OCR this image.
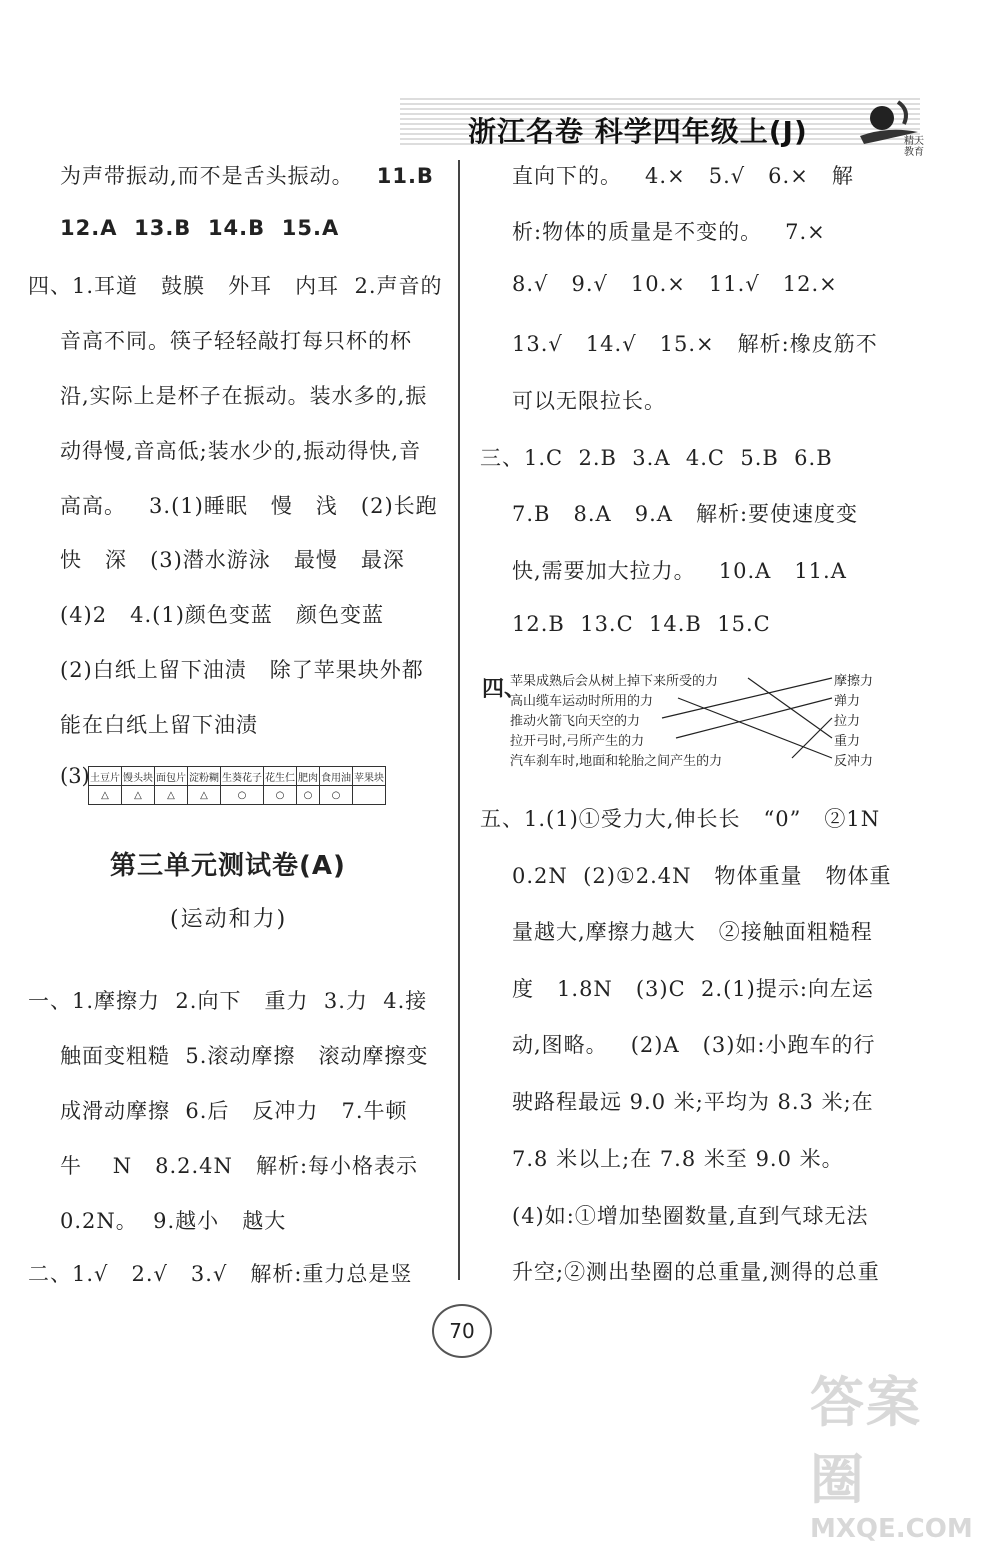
浙江名卷 科学四年级上(J)	精天
教育
为声带振动,而不是舌头振动。 11.B
12.A 13.B 14.B 15.A
四、1.耳道 鼓膜 外耳 内耳 2.声音的
音高不同。筷子轻轻敲打每只杯的杯
沿,实际上是杯子在振动。装水多的,振
动得慢,音高低;装水少的,振动得快,音
高高。 3.(1)睡眠 慢 浅 (2)长跑
快 深 (3)潜水游泳 最慢 最深
(4)2 4.(1)颜色变蓝 颜色变蓝
(2)白纸上留下油渍 除了苹果块外都
能在白纸上留下油渍
(3) 土豆片	馒头块	面包片	淀粉糊	生葵花子	花生仁	肥肉	食用油	苹果块
△	△	△	△	○	○	○	○	
第三单元测试卷(A)
(运动和力)
一、1.摩擦力 2.向下 重力 3.力 4.接
触面变粗糙 5.滚动摩擦 滚动摩擦变
成滑动摩擦 6.后 反冲力 7.牛顿
牛 N 8.2.4N 解析:每小格表示
0.2N。 9.越小 越大
二、1.√ 2.√ 3.√ 解析:重力总是竖
直向下的。 4.× 5.√ 6.× 解
析:物体的质量是不变的。 7.×
8.√ 9.√ 10.× 11.√ 12.×
13.√ 14.√ 15.× 解析:橡皮筋不
可以无限拉长。
三、1.C 2.B 3.A 4.C 5.B 6.B
7.B 8.A 9.A 解析:要使速度变
快,需要加大拉力。 10.A 11.A
12.B 13.C 14.B 15.C
四、
苹果成熟后会从树上掉下来所受的力
高山缆车运动时所用的力
推动火箭飞向天空的力
拉开弓时,弓所产生的力
汽车刹车时,地面和轮胎之间产生的力
摩擦力
弹力
拉力
重力
反冲力
五、1.(1)①受力大,伸长长 “0” ②1N
0.2N (2)①2.4N 物体重量 物体重
量越大,摩擦力越大 ②接触面粗糙程
度 1.8N (3)C 2.(1)提示:向左运
动,图略。 (2)A (3)如:小跑车的行
驶路程最远 9.0 米;平均为 8.3 米;在
7.8 米以上;在 7.8 米至 9.0 米。
(4)如:①增加垫圈数量,直到气球无法
升空;②测出垫圈的总重量,测得的总重
70
答案圈
MXQE.COM
